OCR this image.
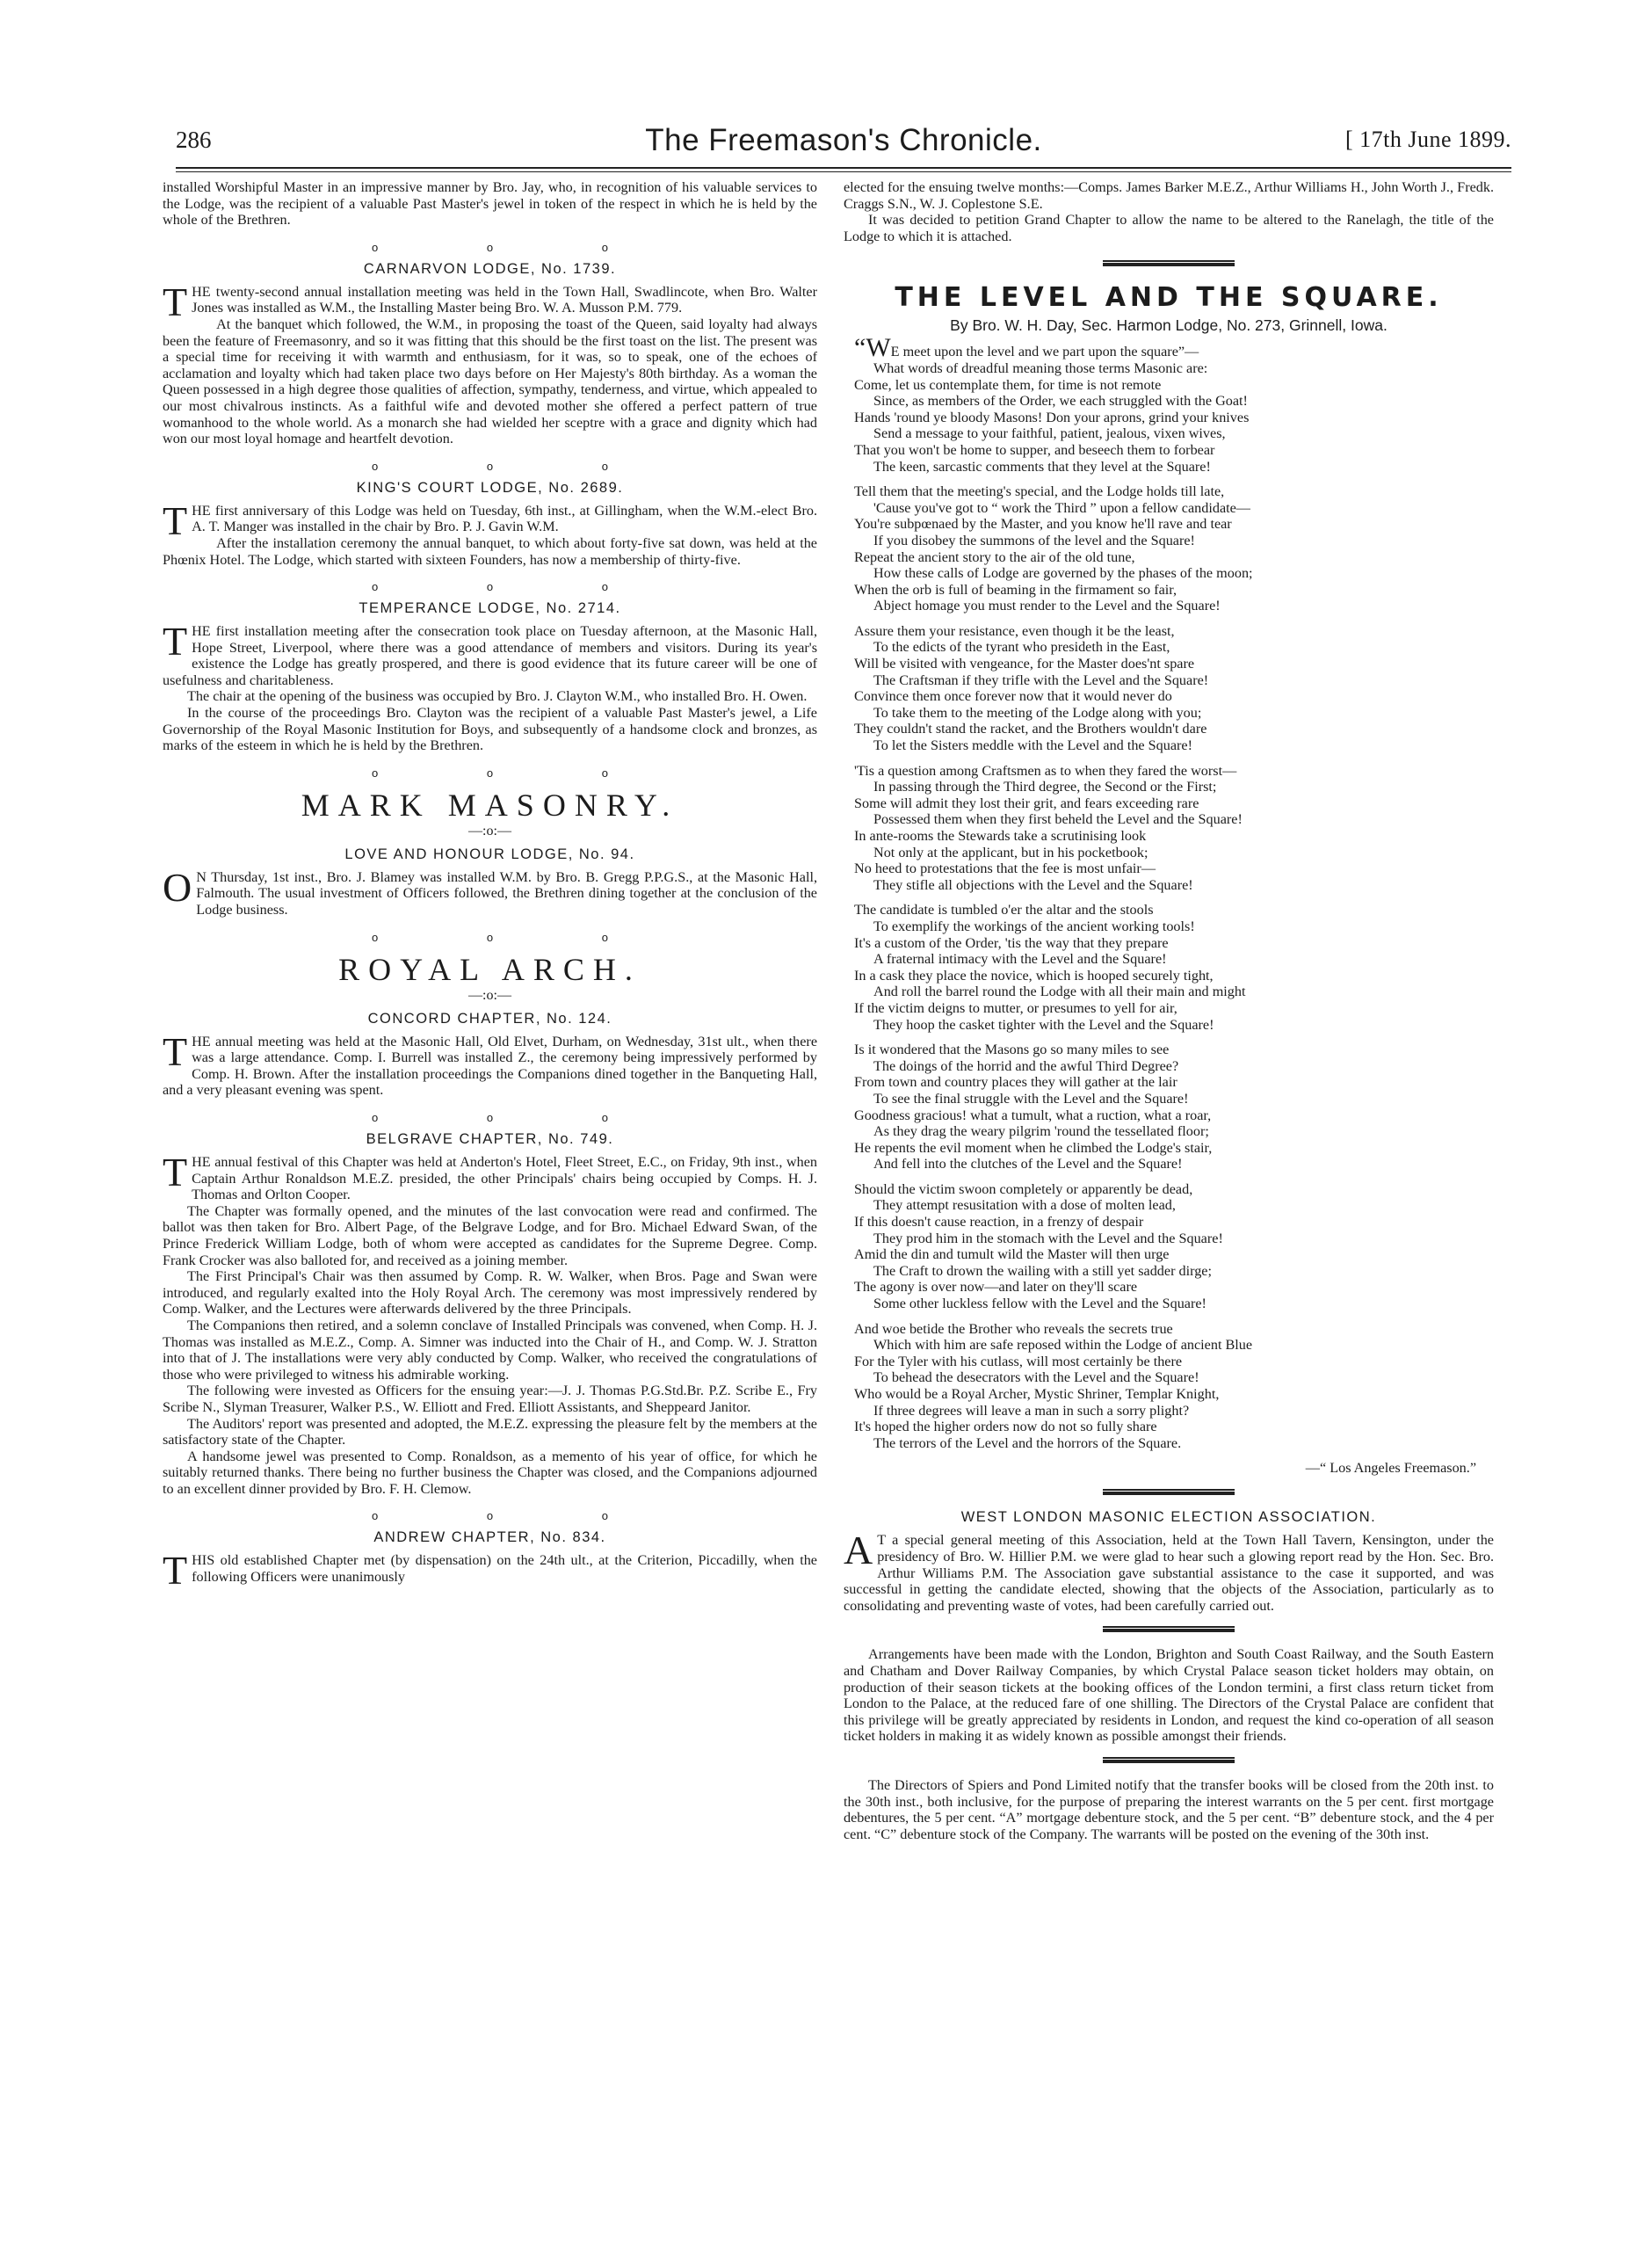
286	The Freemason's Chronicle.	[ 17th June 1899.

installed Worshipful Master in an impressive manner by Bro. Jay, who, in recognition of his valuable services to the Lodge, was the recipient of a valuable Past Master's jewel in token of the respect in which he is held by the whole of the Brethren.

o o o
CARNARVON LODGE, No. 1739.

THE twenty-second annual installation meeting was held in the Town Hall, Swadlincote, when Bro. Walter Jones was installed as W.M., the Installing Master being Bro. W. A. Musson P.M. 779.

At the banquet which followed, the W.M., in proposing the toast of the Queen, said loyalty had always been the feature of Freemasonry, and so it was fitting that this should be the first toast on the list. The present was a special time for receiving it with warmth and enthusiasm, for it was, so to speak, one of the echoes of acclamation and loyalty which had taken place two days before on Her Majesty's 80th birthday. As a woman the Queen possessed in a high degree those qualities of affection, sympathy, tenderness, and virtue, which appealed to our most chivalrous instincts. As a faithful wife and devoted mother she offered a perfect pattern of true womanhood to the whole world. As a monarch she had wielded her sceptre with a grace and dignity which had won our most loyal homage and heartfelt devotion.

o o o
KING'S COURT LODGE, No. 2689.

THE first anniversary of this Lodge was held on Tuesday, 6th inst., at Gillingham, when the W.M.-elect Bro. A. T. Manger was installed in the chair by Bro. P. J. Gavin W.M.

After the installation ceremony the annual banquet, to which about forty-five sat down, was held at the Phœnix Hotel. The Lodge, which started with sixteen Founders, has now a membership of thirty-five.

o o o
TEMPERANCE LODGE, No. 2714.

THE first installation meeting after the consecration took place on Tuesday afternoon, at the Masonic Hall, Hope Street, Liverpool, where there was a good attendance of members and visitors. During its year's existence the Lodge has greatly prospered, and there is good evidence that its future career will be one of usefulness and charitableness.

The chair at the opening of the business was occupied by Bro. J. Clayton W.M., who installed Bro. H. Owen.

In the course of the proceedings Bro. Clayton was the recipient of a valuable Past Master's jewel, a Life Governorship of the Royal Masonic Institution for Boys, and subsequently of a handsome clock and bronzes, as marks of the esteem in which he is held by the Brethren.

o o o
MARK MASONRY.
—:o:—
LOVE AND HONOUR LODGE, No. 94.

ON Thursday, 1st inst., Bro. J. Blamey was installed W.M. by Bro. B. Gregg P.P.G.S., at the Masonic Hall, Falmouth. The usual investment of Officers followed, the Brethren dining together at the conclusion of the Lodge business.

o o o
ROYAL ARCH.
—:o:—
CONCORD CHAPTER, No. 124.

THE annual meeting was held at the Masonic Hall, Old Elvet, Durham, on Wednesday, 31st ult., when there was a large attendance. Comp. I. Burrell was installed Z., the ceremony being impressively performed by Comp. H. Brown. After the installation proceedings the Companions dined together in the Banqueting Hall, and a very pleasant evening was spent.

o o o
BELGRAVE CHAPTER, No. 749.

THE annual festival of this Chapter was held at Anderton's Hotel, Fleet Street, E.C., on Friday, 9th inst., when Captain Arthur Ronaldson M.E.Z. presided, the other Principals' chairs being occupied by Comps. H. J. Thomas and Orlton Cooper.

The Chapter was formally opened, and the minutes of the last convocation were read and confirmed. The ballot was then taken for Bro. Albert Page, of the Belgrave Lodge, and for Bro. Michael Edward Swan, of the Prince Frederick William Lodge, both of whom were accepted as candidates for the Supreme Degree. Comp. Frank Crocker was also balloted for, and received as a joining member.

The First Principal's Chair was then assumed by Comp. R. W. Walker, when Bros. Page and Swan were introduced, and regularly exalted into the Holy Royal Arch. The ceremony was most impressively rendered by Comp. Walker, and the Lectures were afterwards delivered by the three Principals.

The Companions then retired, and a solemn conclave of Installed Principals was convened, when Comp. H. J. Thomas was installed as M.E.Z., Comp. A. Simner was inducted into the Chair of H., and Comp. W. J. Stratton into that of J. The installations were very ably conducted by Comp. Walker, who received the congratulations of those who were privileged to witness his admirable working.

The following were invested as Officers for the ensuing year:—J. J. Thomas P.G.Std.Br. P.Z. Scribe E., Fry Scribe N., Slyman Treasurer, Walker P.S., W. Elliott and Fred. Elliott Assistants, and Sheppeard Janitor.

The Auditors' report was presented and adopted, the M.E.Z. expressing the pleasure felt by the members at the satisfactory state of the Chapter.

A handsome jewel was presented to Comp. Ronaldson, as a memento of his year of office, for which he suitably returned thanks. There being no further business the Chapter was closed, and the Companions adjourned to an excellent dinner provided by Bro. F. H. Clemow.

o o o
ANDREW CHAPTER, No. 834.

THIS old established Chapter met (by dispensation) on the 24th ult., at the Criterion, Piccadilly, when the following Officers were unanimously

elected for the ensuing twelve months:—Comps. James Barker M.E.Z., Arthur Williams H., John Worth J., Fredk. Craggs S.N., W. J. Coplestone S.E.

It was decided to petition Grand Chapter to allow the name to be altered to the Ranelagh, the title of the Lodge to which it is attached.

THE LEVEL AND THE SQUARE.
By Bro. W. H. Day, Sec. Harmon Lodge, No. 273, Grinnell, Iowa.
“WE meet upon the level and we part upon the square”—
What words of dreadful meaning those terms Masonic are:
Come, let us contemplate them, for time is not remote
Since, as members of the Order, we each struggled with the Goat!
Hands 'round ye bloody Masons! Don your aprons, grind your knives
Send a message to your faithful, patient, jealous, vixen wives,
That you won't be home to supper, and beseech them to forbear
The keen, sarcastic comments that they level at the Square!
Tell them that the meeting's special, and the Lodge holds till late,
'Cause you've got to “ work the Third ” upon a fellow candidate—
You're subpœnaed by the Master, and you know he'll rave and tear
If you disobey the summons of the level and the Square!
Repeat the ancient story to the air of the old tune,
How these calls of Lodge are governed by the phases of the moon;
When the orb is full of beaming in the firmament so fair,
Abject homage you must render to the Level and the Square!
Assure them your resistance, even though it be the least,
To the edicts of the tyrant who presideth in the East,
Will be visited with vengeance, for the Master does'nt spare
The Craftsman if they trifle with the Level and the Square!
Convince them once forever now that it would never do
To take them to the meeting of the Lodge along with you;
They couldn't stand the racket, and the Brothers wouldn't dare
To let the Sisters meddle with the Level and the Square!
'Tis a question among Craftsmen as to when they fared the worst—
In passing through the Third degree, the Second or the First;
Some will admit they lost their grit, and fears exceeding rare
Possessed them when they first beheld the Level and the Square!
In ante-rooms the Stewards take a scrutinising look
Not only at the applicant, but in his pocketbook;
No heed to protestations that the fee is most unfair—
They stifle all objections with the Level and the Square!
The candidate is tumbled o'er the altar and the stools
To exemplify the workings of the ancient working tools!
It's a custom of the Order, 'tis the way that they prepare
A fraternal intimacy with the Level and the Square!
In a cask they place the novice, which is hooped securely tight,
And roll the barrel round the Lodge with all their main and might
If the victim deigns to mutter, or presumes to yell for air,
They hoop the casket tighter with the Level and the Square!
Is it wondered that the Masons go so many miles to see
The doings of the horrid and the awful Third Degree?
From town and country places they will gather at the lair
To see the final struggle with the Level and the Square!
Goodness gracious! what a tumult, what a ruction, what a roar,
As they drag the weary pilgrim 'round the tessellated floor;
He repents the evil moment when he climbed the Lodge's stair,
And fell into the clutches of the Level and the Square!
Should the victim swoon completely or apparently be dead,
They attempt resusitation with a dose of molten lead,
If this doesn't cause reaction, in a frenzy of despair
They prod him in the stomach with the Level and the Square!
Amid the din and tumult wild the Master will then urge
The Craft to drown the wailing with a still yet sadder dirge;
The agony is over now—and later on they'll scare
Some other luckless fellow with the Level and the Square!
And woe betide the Brother who reveals the secrets true
Which with him are safe reposed within the Lodge of ancient Blue
For the Tyler with his cutlass, will most certainly be there
To behead the desecrators with the Level and the Square!
Who would be a Royal Archer, Mystic Shriner, Templar Knight,
If three degrees will leave a man in such a sorry plight?
It's hoped the higher orders now do not so fully share
The terrors of the Level and the horrors of the Square.
—“ Los Angeles Freemason.”
WEST LONDON MASONIC ELECTION ASSOCIATION.

AT a special general meeting of this Association, held at the Town Hall Tavern, Kensington, under the presidency of Bro. W. Hillier P.M. we were glad to hear such a glowing report read by the Hon. Sec. Bro. Arthur Williams P.M. The Association gave substantial assistance to the case it supported, and was successful in getting the candidate elected, showing that the objects of the Association, particularly as to consolidating and preventing waste of votes, had been carefully carried out.

Arrangements have been made with the London, Brighton and South Coast Railway, and the South Eastern and Chatham and Dover Railway Companies, by which Crystal Palace season ticket holders may obtain, on production of their season tickets at the booking offices of the London termini, a first class return ticket from London to the Palace, at the reduced fare of one shilling. The Directors of the Crystal Palace are confident that this privilege will be greatly appreciated by residents in London, and request the kind co-operation of all season ticket holders in making it as widely known as possible amongst their friends.

The Directors of Spiers and Pond Limited notify that the transfer books will be closed from the 20th inst. to the 30th inst., both inclusive, for the purpose of preparing the interest warrants on the 5 per cent. first mortgage debentures, the 5 per cent. “A” mortgage debenture stock, and the 5 per cent. “B” debenture stock, and the 4 per cent. “C” debenture stock of the Company. The warrants will be posted on the evening of the 30th inst.
